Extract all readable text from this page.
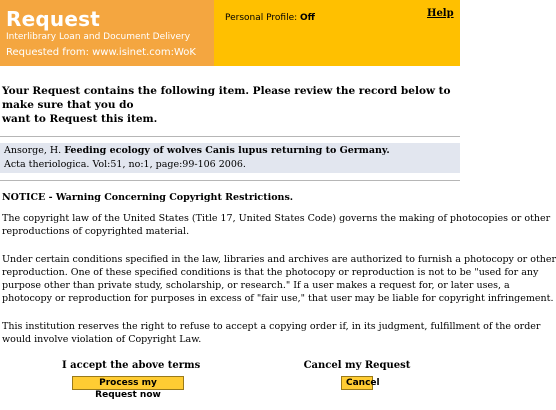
Request
Interlibrary Loan and Document Delivery
Requested from: www.isinet.com:WoK
Personal Profile: Off	Help
Your Request contains the following item. Please review the record below to make sure that you do
want to Request this item.
Ansorge, H. Feeding ecology of wolves Canis lupus returning to Germany.
Acta theriologica. Vol:51, no:1, page:99-106 2006.
NOTICE - Warning Concerning Copyright Restrictions.
The copyright law of the United States (Title 17, United States Code) governs the making of photocopies or other
reproductions of copyrighted material.
Under certain conditions specified in the law, libraries and archives are authorized to furnish a photocopy or other
reproduction. One of these specified conditions is that the photocopy or reproduction is not to be "used for any
purpose other than private study, scholarship, or research." If a user makes a request for, or later uses, a
photocopy or reproduction for purposes in excess of "fair use," that user may be liable for copyright infringement.
This institution reserves the right to refuse to accept a copying order if, in its judgment, fulfillment of the order
would involve violation of Copyright Law.
I accept the above terms
Process my Request now
Cancel my Request
Cancel
